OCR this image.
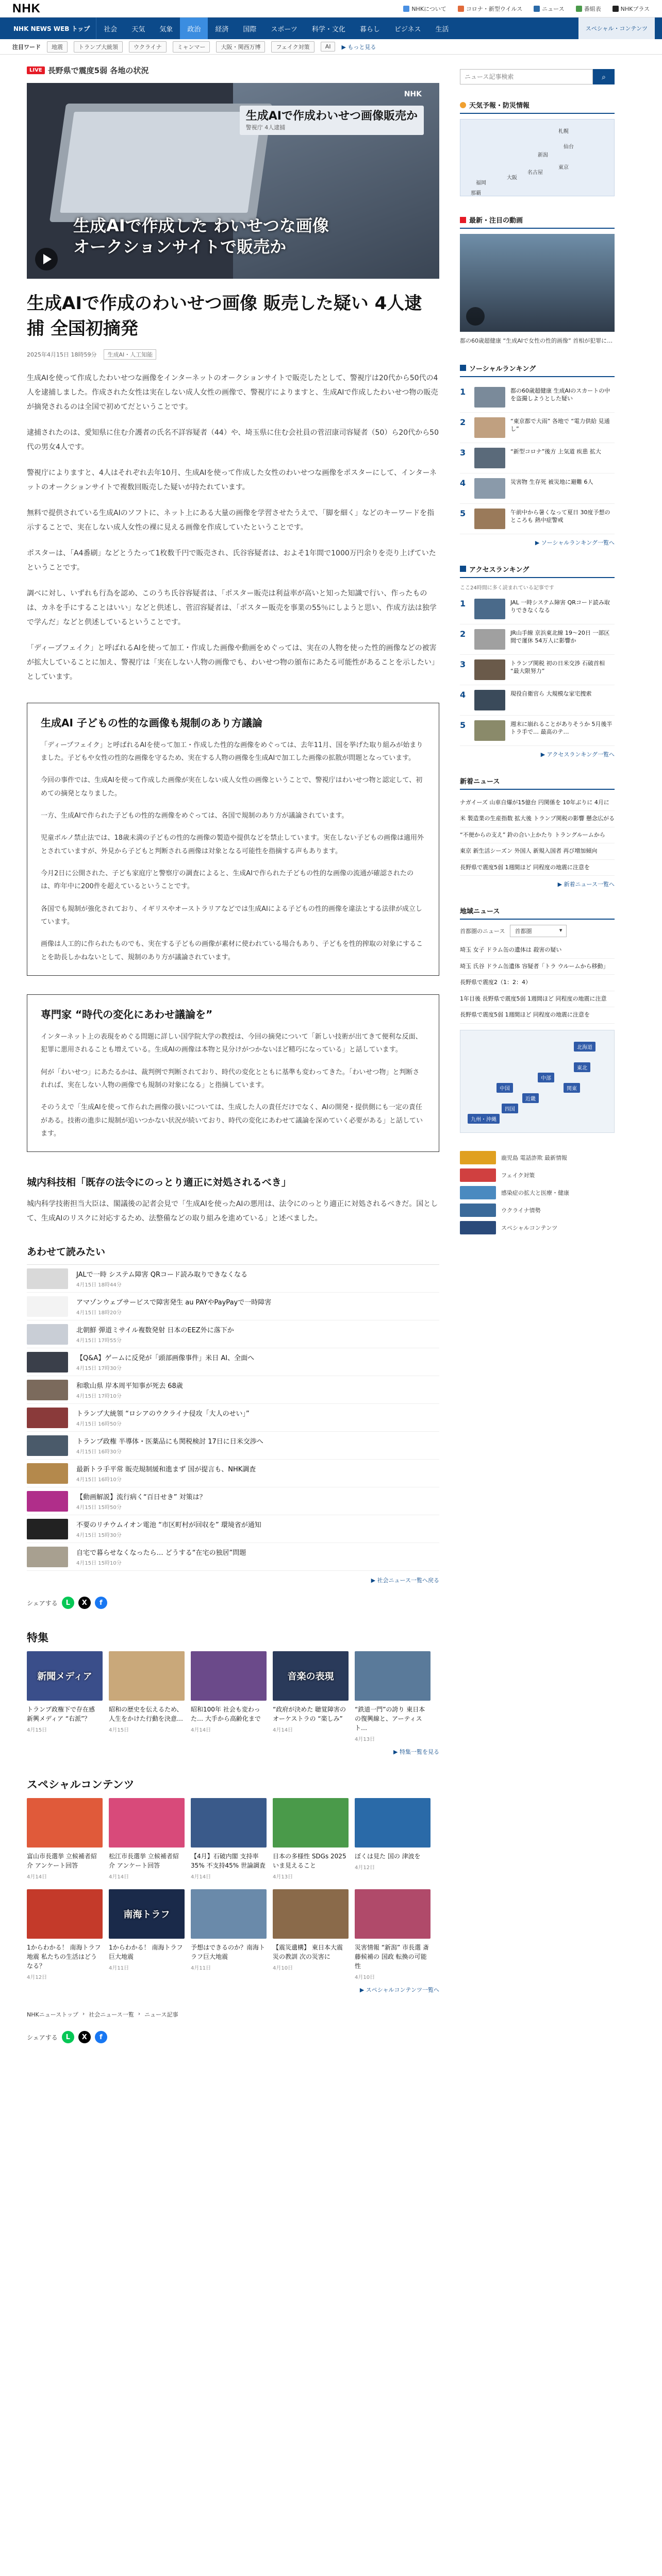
NHK	NHKについて	コロナ・新型ウイルス	ニュース	番組表	NHKプラス
NHK NEWS WEB トップ	社会	天気	気象	政治	経済	国際	スポーツ	科学・文化	暮らし	ビジネス	生活	スペシャル・コンテンツ
注目ワード	地震	トランプ大統領	ウクライナ	ミャンマー	大阪・関西万博	フェイク対策	AI	▶ もっと見る
LIVE 長野県で震度5弱 各地の状況
NHK
生成AIで作成わいせつ画像販売か
警視庁 4人逮捕
生成AIで作成した わいせつな画像
オークションサイトで販売か
生成AIで作成のわいせつ画像 販売した疑い 4人逮捕 全国初摘発
2025年4月15日 18時59分	生成AI・人工知能

生成AIを使って作成したわいせつな画像をインターネットのオークションサイトで販売したとして、警視庁は20代から50代の4人を逮捕しました。作成された女性は実在しない成人女性の画像で、警視庁によりますと、生成AIで作成したわいせつ物の販売が摘発されるのは全国で初めてだということです。

逮捕されたのは、愛知県に住む介護者の氏名不詳容疑者（44）や、埼玉県に住む会社員の菅沼康司容疑者（50）ら20代から50代の男女4人です。

警視庁によりますと、4人はそれぞれ去年10月、生成AIを使って作成した女性のわいせつな画像をポスターにして、インターネットのオークションサイトで複数回販売した疑いが持たれています。

無料で提供されている生成AIのソフトに、ネット上にある大量の画像を学習させたうえで、「脚を細く」などのキーワードを指示することで、実在しない成人女性の裸に見える画像を作成していたということです。

ポスターは、「A4番刷」などとうたって1枚数千円で販売され、氏谷容疑者は、およそ1年間で1000万円余りを売り上げていたということです。

調べに対し、いずれも行為を認め、このうち氏谷容疑者は、「ポスター販売は利益率が高いと知った知識で行い、作ったものは、カネを手にすることはいい」などと供述し、菅沼容疑者は、「ポスター販売を事業の55％にしようと思い、作成方法は独学で学んだ」などと供述しているということです。

「ディープフェイク」と呼ばれるAIを使って加工・作成した画像や動画をめぐっては、実在の人物を使った性的画像などの被害が拡大していることに加え、警視庁は「実在しない人物の画像でも、わいせつ物の頒布にあたる可能性があることを示したい」としています。

生成AI 子どもの性的な画像も規制のあり方議論

「ディープフェイク」と呼ばれるAIを使って加工・作成した性的な画像をめぐっては、去年11月、国を挙げた取り組みが始まりました。子どもや女性の性的な画像を守るため、実在する人物の画像を生成AIで加工した画像の拡散が問題となっています。

今回の事件では、生成AIを使って作成した画像が実在しない成人女性の画像ということで、警視庁はわいせつ物と認定して、初めての摘発となりました。

一方、生成AIで作られた子どもの性的な画像をめぐっては、各国で規制のあり方が議論されています。

児童ポルノ禁止法では、18歳未満の子どもの性的な画像の製造や提供などを禁止しています。実在しない子どもの画像は適用外とされていますが、外見から子どもと判断される画像は対象となる可能性を指摘する声もあります。

今月2日に公開された、子ども家庭庁と警察庁の調査によると、生成AIで作られた子どもの性的な画像の流通が確認されたのは、昨年中に200件を超えているということです。

各国でも規制が強化されており、イギリスやオーストラリアなどでは生成AIによる子どもの性的画像を違法とする法律が成立しています。

画像は人工的に作られたものでも、実在する子どもの画像が素材に使われている場合もあり、子どもを性的搾取の対象にすることを助長しかねないとして、規制のあり方が議論されています。

専門家 “時代の変化にあわせ議論を”

インターネット上の表現をめぐる問題に詳しい国学院大学の教授は、今回の摘発について「新しい技術が出てきて便利な反面、犯罪に悪用されることも増えている。生成AIの画像は本物と見分けがつかないほど精巧になっている」と話しています。

何が「わいせつ」にあたるかは、裁判例で判断されており、時代の変化とともに基準も変わってきた。「わいせつ物」と判断されれば、実在しない人物の画像でも規制の対象になる」と指摘しています。

そのうえで「生成AIを使って作られた画像の扱いについては、生成した人の責任だけでなく、AIの開発・提供側にも一定の責任がある。技術の進歩に規制が追いつかない状況が続いており、時代の変化にあわせて議論を深めていく必要がある」と話しています。

城内科技相「既存の法令にのっとり適正に対処されるべき」

城内科学技術担当大臣は、閣議後の記者会見で「生成AIを使ったAIの悪用は、法令にのっとり適正に対処されるべきだ。国として、生成AIのリスクに対応するため、法整備などの取り組みを進めている」と述べました。

あわせて読みたい
JALで一時 システム障害 QRコード読み取りできなくなる
4月15日 18時44分
アマゾンウェブサービスで障害発生 au PAYやPayPayで一時障害
4月15日 18時20分
北朝鮮 弾道ミサイル複数発射 日本のEEZ外に落下か
4月15日 17時55分
【Q&A】ゲームに反発が「頭部画像事件」米日 AI、全面へ
4月15日 17時30分
和歌山県 岸本周平知事が死去 68歳
4月15日 17時10分
トランプ大統領 “ロシアのウクライナ侵攻「大人のせい」”
4月15日 16時50分
トランプ政権 半導体・医薬品にも関税検討 17日に日米交渉へ
4月15日 16時30分
最新トラ手平常 販売規制緩和進まず 国が提言も、NHK調査
4月15日 16時10分
【動画解説】流行病く“百日せき” 対策は？
4月15日 15時50分
不要のリチウムイオン電池 “市区町村が回収を” 環境省が通知
4月15日 15時30分
自宅で暮らせなくなったら… どうする“在宅の独居”問題
4月15日 15時10分
▶ 社会ニュース一覧へ戻る
シェアする	L	X	f
特集
新聞メディア
トランプ政権下で存在感 新興メディア “右派”？
4月15日
昭和の歴史を伝えるため、人生をかけた行動を決意…
4月15日
昭和100年 社会も変わった… 大手から高齢化まで
4月14日
音楽の表現
“政府が決めた 聴覚障害のオーケストラの “楽しみ”
4月14日
“鉄道一門”の誇り 東日本の復興線と、アーティスト…
4月13日
▶ 特集一覧を見る
スペシャルコンテンツ
富山市長選挙 立候補者紹介 アンケート回答
4月14日
松江市長選挙 立候補者紹介 アンケート回答
4月14日
【4月】石破内閣 支持率35% 不支持45% 世論調査
4月14日
日本の多様性 SDGs 2025 いま見えること
4月13日
ぼくは見た 国の 津波を
4月12日
1からわかる！ 南海トラフ地震 私たちの生活はどうなる？
4月12日
南海トラフ
1からわかる！ 南海トラフ巨大地震
4月11日
予想はできるのか？南海トラフ巨大地震
4月11日
【震災遺構】 東日本大震災の教訓 次の災害に
4月10日
災害情報 “新潟” 市長選 斎藤候補の 国政 転換の可能性
4月10日
▶ スペシャルコンテンツ一覧へ
NHKニューストップ › 社会ニュース一覧 › ニュース記事
シェアする	L	X	f
ニュース記事検索
⌕
天気予報・防災情報
札幌
仙台
東京
名古屋
大阪
福岡
那覇
新潟
最新・注目の動画
都の60歳超健康 “生成AIで女性の性的画像” 首相が犯罪に…
ソーシャルランキング
1	都の60歳超健康 生成AIのスカートの中を盗撮しようとした疑い
2	“東京都で大雨” 各地で “電力供給 見通し”
3	“新型コロナ”後方 上気道 疾患 拡大
4	災害物 生存死 被災地に避難 6人
5	午前中から暑くなって夏日 30度予想のところも 熱中症警戒
▶ ソーシャルランキング一覧へ
アクセスランキング
ここ24時間に多く読まれている記事です
1	JAL 一時システム障害 QRコード読み取りできなくなる
2	JR山手線 京浜東北線 19〜20日 一部区間で運休 54万人に影響か
3	トランプ関税 初の日米交渉 石破首相 “最大限努力”
4	現役自衛官ら 大規模な家宅捜索
5	週末に崩れることがありそうか 5月後半 トラ手で… 最高のテ…
▶ アクセスランキング一覧へ
新着ニュース
ナガイーズ 山車自爆が15億台 円関係を 10年ぶりに 4月に
米 製造業の生産指数 拡大後 トランプ関税の影響 懸念広がる
“不便からの支え” 鈴の合い上かたり トラングルームから
東京 新生活シーズン 外国人 新規入国者 再び増加傾向
長野県で震度5弱 1週間ほど 同程度の地震に注意を
▶ 新着ニュース一覧へ
地域ニュース
首都圏のニュース	首都圏	▾
埼玉 女子 ドラム缶の遺体は 殺害の疑い
埼玉 氏谷 ドラム缶遺体 容疑者「トラ ウルームから移動」
長野県で震度2（1：2：4）
1年目後 長野県で震度5弱 1週間ほど 同程度の地震に注意
長野県で震度5弱 1週間ほど 同程度の地震に注意を
北海道
東北
関東
中部
近畿
中国
四国
九州・沖縄
鹿児島 電話詐欺 最新情報
フェイク対策
感染症の拡大と医療・健康
ウクライナ情勢
スペシャルコンテンツ
